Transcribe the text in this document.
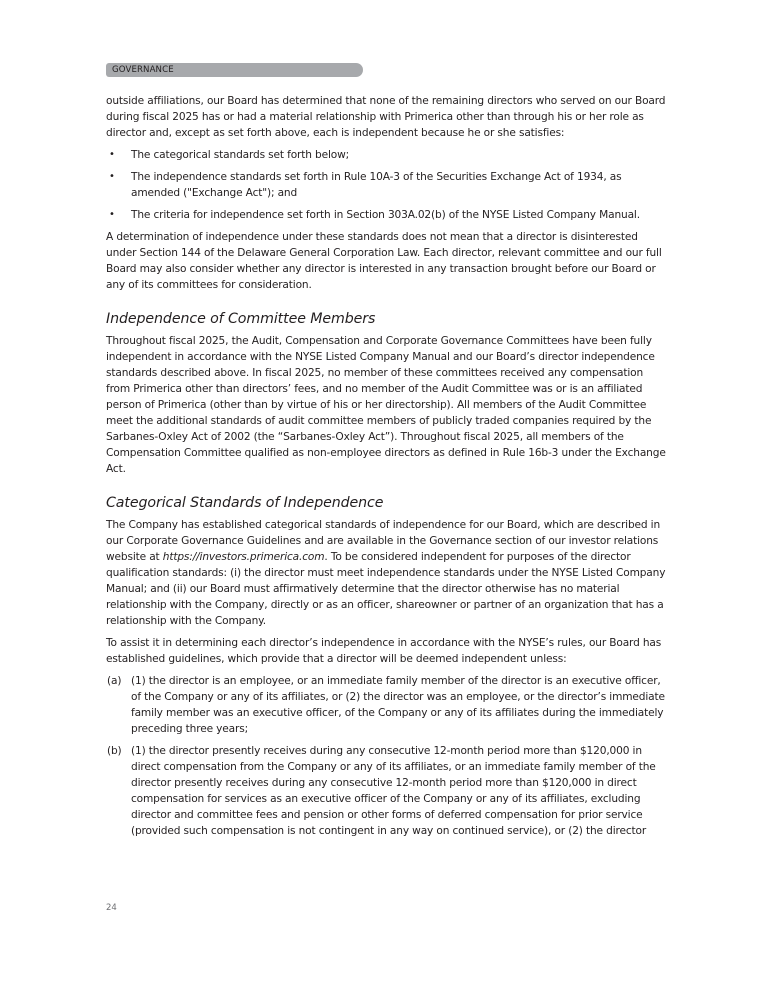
GOVERNANCE

outside affiliations, our Board has determined that none of the remaining directors who served on our Board during fiscal 2025 has or had a material relationship with Primerica other than through his or her role as director and, except as set forth above, each is independent because he or she satisfies:

• The categorical standards set forth below;
• The independence standards set forth in Rule 10A-3 of the Securities Exchange Act of 1934, as amended ("Exchange Act"); and
• The criteria for independence set forth in Section 303A.02(b) of the NYSE Listed Company Manual.

A determination of independence under these standards does not mean that a director is disinterested under Section 144 of the Delaware General Corporation Law. Each director, relevant committee and our full Board may also consider whether any director is interested in any transaction brought before our Board or any of its committees for consideration.

Independence of Committee Members

Throughout fiscal 2025, the Audit, Compensation and Corporate Governance Committees have been fully independent in accordance with the NYSE Listed Company Manual and our Board’s director independence standards described above. In fiscal 2025, no member of these committees received any compensation from Primerica other than directors’ fees, and no member of the Audit Committee was or is an affiliated person of Primerica (other than by virtue of his or her directorship). All members of the Audit Committee meet the additional standards of audit committee members of publicly traded companies required by the Sarbanes-Oxley Act of 2002 (the “Sarbanes-Oxley Act”). Throughout fiscal 2025, all members of the Compensation Committee qualified as non-employee directors as defined in Rule 16b-3 under the Exchange Act.

Categorical Standards of Independence

The Company has established categorical standards of independence for our Board, which are described in our Corporate Governance Guidelines and are available in the Governance section of our investor relations website at https://investors.primerica.com. To be considered independent for purposes of the director qualification standards: (i) the director must meet independence standards under the NYSE Listed Company Manual; and (ii) our Board must affirmatively determine that the director otherwise has no material relationship with the Company, directly or as an officer, shareowner or partner of an organization that has a relationship with the Company.

To assist it in determining each director’s independence in accordance with the NYSE’s rules, our Board has established guidelines, which provide that a director will be deemed independent unless:

(a) (1) the director is an employee, or an immediate family member of the director is an executive officer, of the Company or any of its affiliates, or (2) the director was an employee, or the director’s immediate family member was an executive officer, of the Company or any of its affiliates during the immediately preceding three years;
(b) (1) the director presently receives during any consecutive 12-month period more than $120,000 in direct compensation from the Company or any of its affiliates, or an immediate family member of the director presently receives during any consecutive 12-month period more than $120,000 in direct compensation for services as an executive officer of the Company or any of its affiliates, excluding director and committee fees and pension or other forms of deferred compensation for prior service (provided such compensation is not contingent in any way on continued service), or (2) the director
24
